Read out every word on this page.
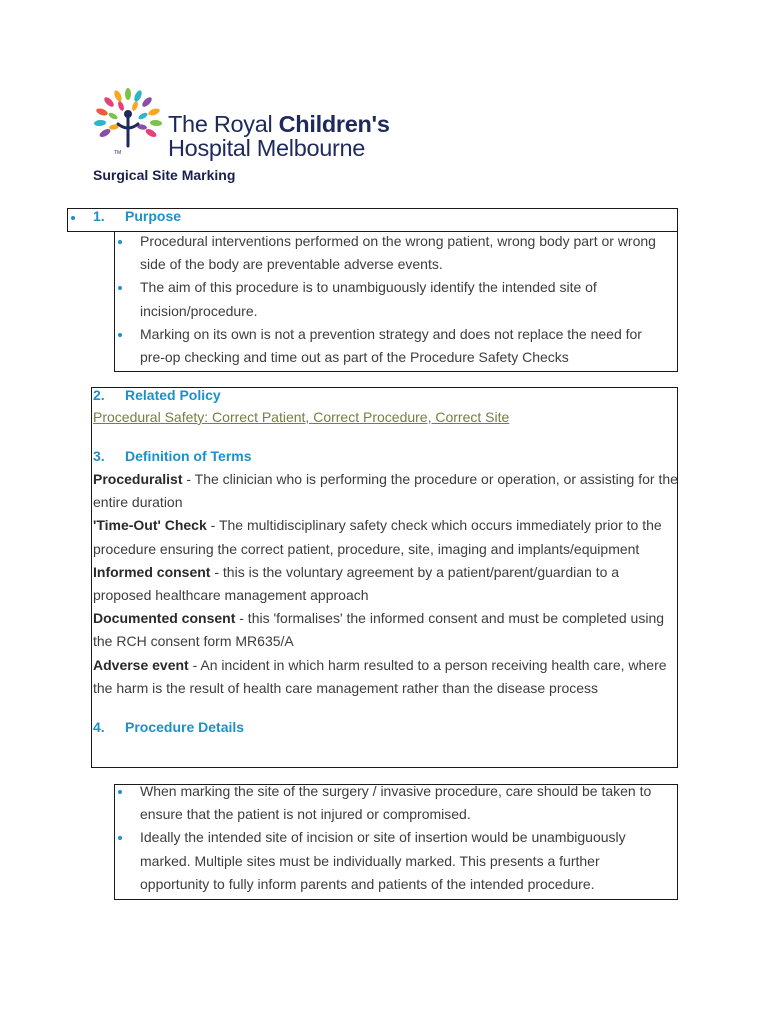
TM
The Royal Children's
Hospital Melbourne
Surgical Site Marking
1. Purpose
Procedural interventions performed on the wrong patient, wrong body part or wrong side of the body are preventable adverse events.
The aim of this procedure is to unambiguously identify the intended site of incision/procedure.
Marking on its own is not a prevention strategy and does not replace the need for pre-op checking and time out as part of the Procedure Safety Checks
2. Related Policy
Procedural Safety: Correct Patient, Correct Procedure, Correct Site
3. Definition of Terms
Proceduralist - The clinician who is performing the procedure or operation, or assisting for the entire duration
'Time-Out' Check - The multidisciplinary safety check which occurs immediately prior to the procedure ensuring the correct patient, procedure, site, imaging and implants/equipment
Informed consent - this is the voluntary agreement by a patient/parent/guardian to a proposed healthcare management approach
Documented consent - this 'formalises' the informed consent and must be completed using the RCH consent form MR635/A
Adverse event - An incident in which harm resulted to a person receiving health care, where the harm is the result of health care management rather than the disease process
4. Procedure Details
When marking the site of the surgery / invasive procedure, care should be taken to ensure that the patient is not injured or compromised.
Ideally the intended site of incision or site of insertion would be unambiguously marked. Multiple sites must be individually marked. This presents a further opportunity to fully inform parents and patients of the intended procedure.
